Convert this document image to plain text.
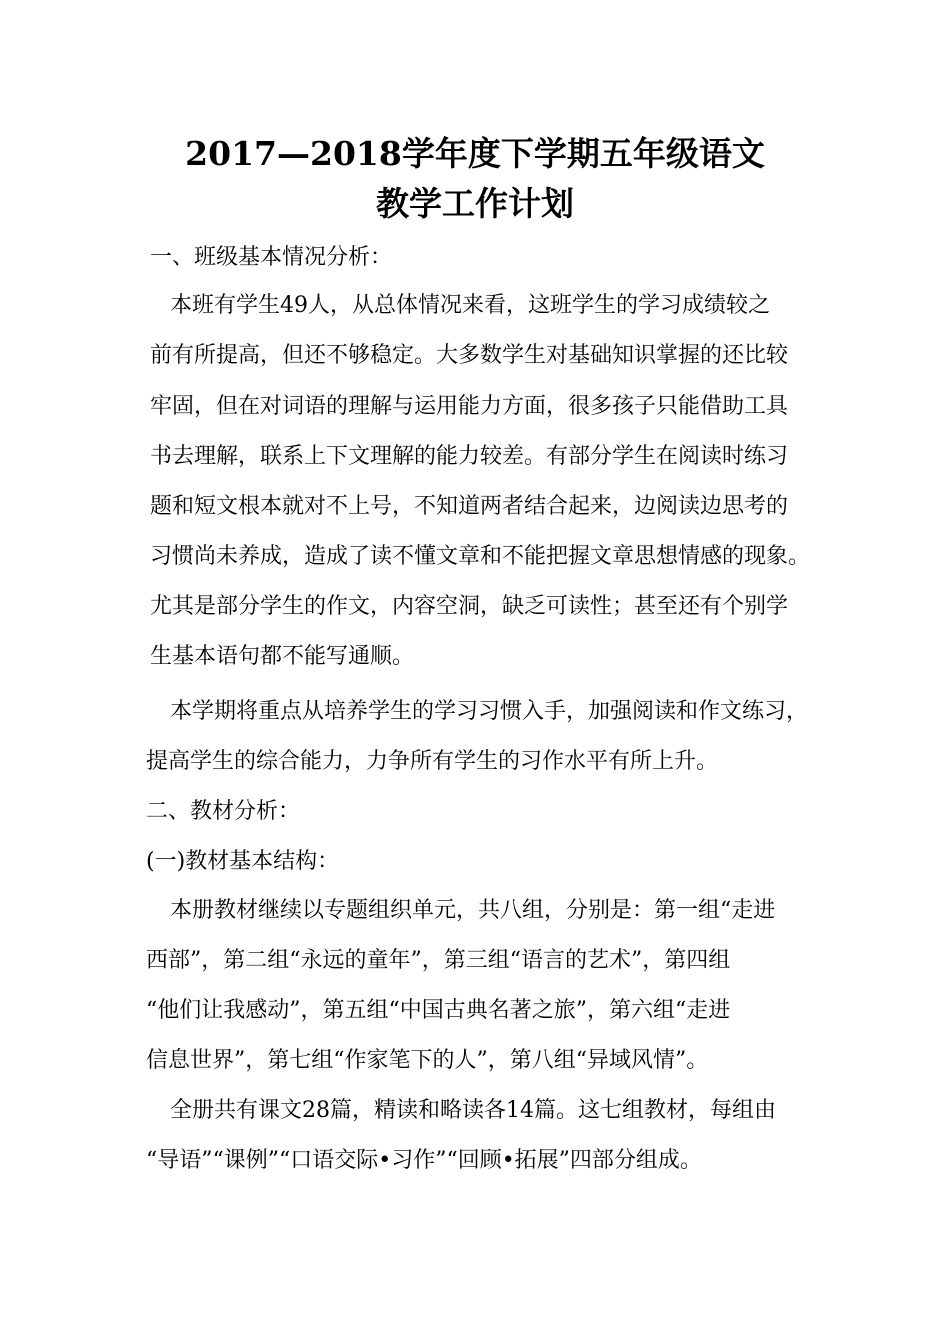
2017—2018学年度下学期五年级语文
教学工作计划
一、班级基本情况分析：
本班有学生49人，从总体情况来看，这班学生的学习成绩较之
前有所提高，但还不够稳定。大多数学生对基础知识掌握的还比较
牢固，但在对词语的理解与运用能力方面，很多孩子只能借助工具
书去理解，联系上下文理解的能力较差。有部分学生在阅读时练习
题和短文根本就对不上号，不知道两者结合起来，边阅读边思考的
习惯尚未养成，造成了读不懂文章和不能把握文章思想情感的现象。
尤其是部分学生的作文，内容空洞，缺乏可读性；甚至还有个别学
生基本语句都不能写通顺。
本学期将重点从培养学生的学习习惯入手，加强阅读和作文练习，
提高学生的综合能力，力争所有学生的习作水平有所上升。
二、教材分析：
(一)教材基本结构：
本册教材继续以专题组织单元，共八组，分别是：第一组“走进
西部”，第二组“永远的童年”，第三组“语言的艺术”，第四组
“他们让我感动”，第五组“中国古典名著之旅”，第六组“走进
信息世界”，第七组“作家笔下的人”，第八组“异域风情”。
全册共有课文28篇，精读和略读各14篇。这七组教材，每组由
“导语”“课例”“口语交际•习作”“回顾•拓展”四部分组成。
